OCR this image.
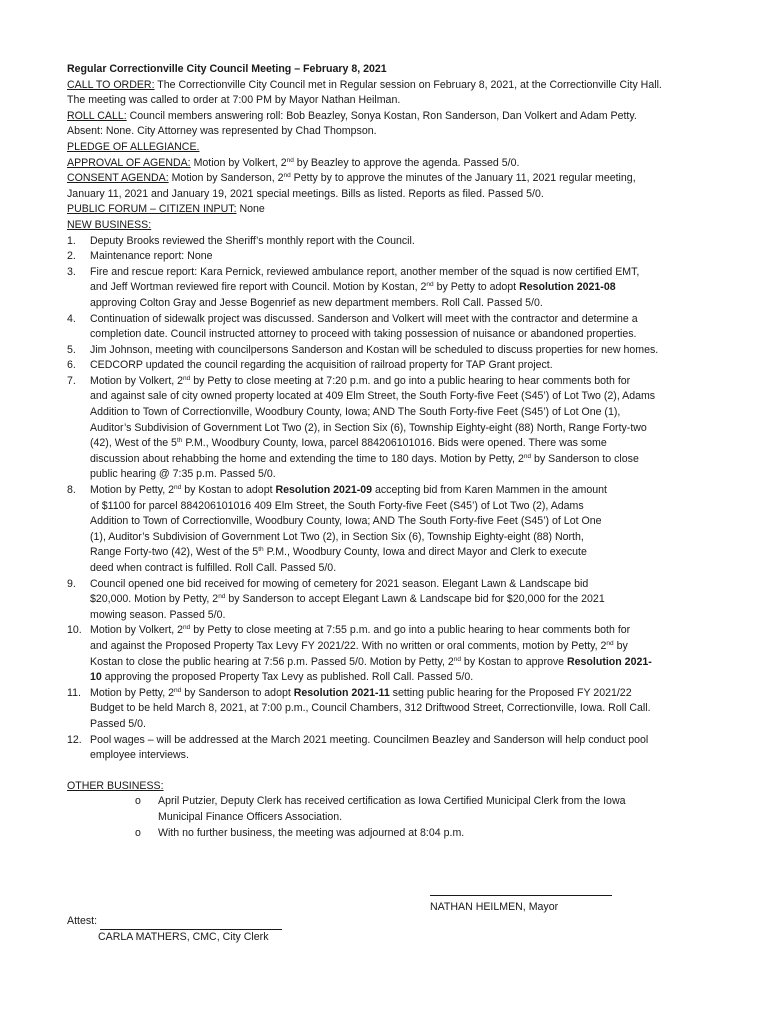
Regular Correctionville City Council Meeting – February 8, 2021

CALL TO ORDER: The Correctionville City Council met in Regular session on February 8, 2021, at the Correctionville City Hall.

The meeting was called to order at 7:00 PM by Mayor Nathan Heilman.

ROLL CALL: Council members answering roll: Bob Beazley, Sonya Kostan, Ron Sanderson, Dan Volkert and Adam Petty.

Absent: None. City Attorney was represented by Chad Thompson.

PLEDGE OF ALLEGIANCE.

APPROVAL OF AGENDA: Motion by Volkert, 2nd by Beazley to approve the agenda. Passed 5/0.

CONSENT AGENDA: Motion by Sanderson, 2nd Petty by to approve the minutes of the January 11, 2021 regular meeting,

January 11, 2021 and January 19, 2021 special meetings. Bills as listed. Reports as filed. Passed 5/0.

PUBLIC FORUM – CITIZEN INPUT: None

NEW BUSINESS:

1.	Deputy Brooks reviewed the Sheriff’s monthly report with the Council.
2.	Maintenance report: None
3.	Fire and rescue report: Kara Pernick, reviewed ambulance report, another member of the squad is now certified EMT,
and Jeff Wortman reviewed fire report with Council. Motion by Kostan, 2nd by Petty to adopt Resolution 2021-08
approving Colton Gray and Jesse Bogenrief as new department members. Roll Call. Passed 5/0.
4.	Continuation of sidewalk project was discussed. Sanderson and Volkert will meet with the contractor and determine a
completion date. Council instructed attorney to proceed with taking possession of nuisance or abandoned properties.
5.	Jim Johnson, meeting with councilpersons Sanderson and Kostan will be scheduled to discuss properties for new homes.
6.	CEDCORP updated the council regarding the acquisition of railroad property for TAP Grant project.
7.	Motion by Volkert, 2nd by Petty to close meeting at 7:20 p.m. and go into a public hearing to hear comments both for
and against sale of city owned property located at 409 Elm Street, the South Forty-five Feet (S45’) of Lot Two (2), Adams
Addition to Town of Correctionville, Woodbury County, Iowa; AND The South Forty-five Feet (S45’) of Lot One (1),
Auditor’s Subdivision of Government Lot Two (2), in Section Six (6), Township Eighty-eight (88) North, Range Forty-two
(42), West of the 5th P.M., Woodbury County, Iowa, parcel 884206101016. Bids were opened. There was some
discussion about rehabbing the home and extending the time to 180 days. Motion by Petty, 2nd by Sanderson to close
public hearing @ 7:35 p.m. Passed 5/0.
8.	Motion by Petty, 2nd by Kostan to adopt Resolution 2021-09 accepting bid from Karen Mammen in the amount
of $1100 for parcel 884206101016 409 Elm Street, the South Forty-five Feet (S45’) of Lot Two (2), Adams
Addition to Town of Correctionville, Woodbury County, Iowa; AND The South Forty-five Feet (S45’) of Lot One
(1), Auditor’s Subdivision of Government Lot Two (2), in Section Six (6), Township Eighty-eight (88) North,
Range Forty-two (42), West of the 5th P.M., Woodbury County, Iowa and direct Mayor and Clerk to execute
deed when contract is fulfilled. Roll Call. Passed 5/0.
9.	Council opened one bid received for mowing of cemetery for 2021 season. Elegant Lawn & Landscape bid
$20,000. Motion by Petty, 2nd by Sanderson to accept Elegant Lawn & Landscape bid for $20,000 for the 2021
mowing season. Passed 5/0.
10. Motion by Volkert, 2nd by Petty to close meeting at 7:55 p.m. and go into a public hearing to hear comments both for
and against the Proposed Property Tax Levy FY 2021/22. With no written or oral comments, motion by Petty, 2nd by
Kostan to close the public hearing at 7:56 p.m. Passed 5/0. Motion by Petty, 2nd by Kostan to approve Resolution 2021-
10 approving the proposed Property Tax Levy as published. Roll Call. Passed 5/0.
11. Motion by Petty, 2nd by Sanderson to adopt Resolution 2021-11 setting public hearing for the Proposed FY 2021/22
Budget to be held March 8, 2021, at 7:00 p.m., Council Chambers, 312 Driftwood Street, Correctionville, Iowa. Roll Call.
Passed 5/0.
12. Pool wages – will be addressed at the March 2021 meeting. Councilmen Beazley and Sanderson will help conduct pool
employee interviews.

OTHER BUSINESS:

o	April Putzier, Deputy Clerk has received certification as Iowa Certified Municipal Clerk from the Iowa
Municipal Finance Officers Association.
o	With no further business, the meeting was adjourned at 8:04 p.m.
NATHAN HEILMEN, Mayor
Attest:
CARLA MATHERS, CMC, City Clerk
